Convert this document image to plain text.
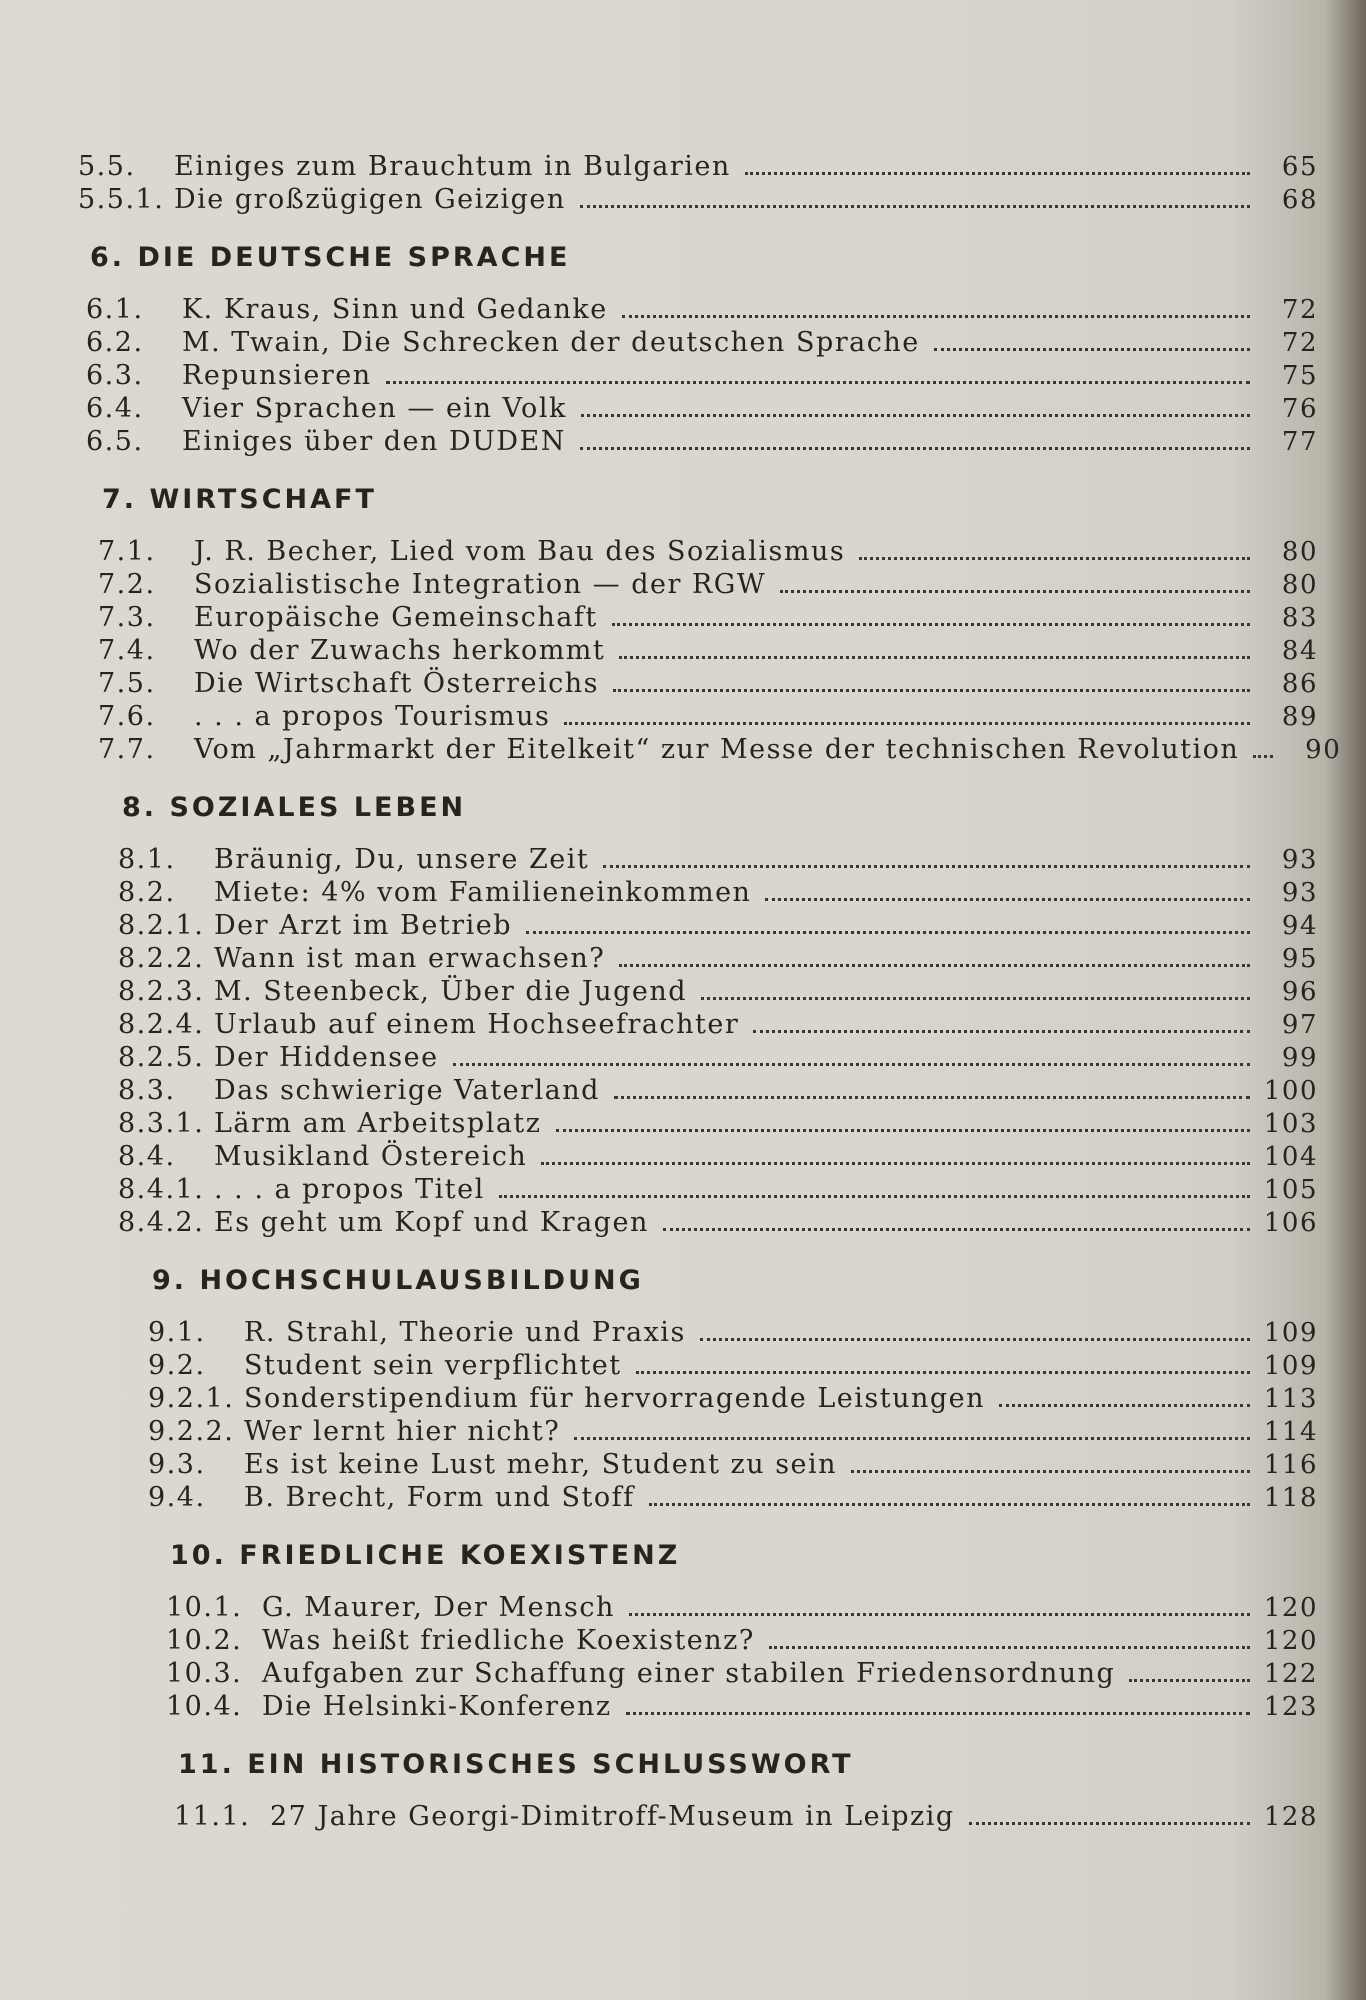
5.5.	Einiges zum Brauchtum in Bulgarien	65
5.5.1. Die großzügigen Geizigen	68
6. DIE DEUTSCHE SPRACHE
6.1.	K. Kraus, Sinn und Gedanke	72
6.2.	M. Twain, Die Schrecken der deutschen Sprache	72
6.3.	Repunsieren	75
6.4.	Vier Sprachen — ein Volk	76
6.5.	Einiges über den DUDEN	77
7. WIRTSCHAFT
7.1.	J. R. Becher, Lied vom Bau des Sozialismus	80
7.2.	Sozialistische Integration — der RGW	80
7.3.	Europäische Gemeinschaft	83
7.4.	Wo der Zuwachs herkommt	84
7.5.	Die Wirtschaft Österreichs	86
7.6.	. . . a propos Tourismus	89
7.7.	Vom „Jahrmarkt der Eitelkeit“ zur Messe der technischen Revolution	90
8. SOZIALES LEBEN
8.1.	Bräunig, Du, unsere Zeit	93
8.2.	Miete: 4% vom Familieneinkommen	93
8.2.1. Der Arzt im Betrieb	94
8.2.2. Wann ist man erwachsen?	95
8.2.3. M. Steenbeck, Über die Jugend	96
8.2.4. Urlaub auf einem Hochseefrachter	97
8.2.5. Der Hiddensee	99
8.3.	Das schwierige Vaterland	100
8.3.1. Lärm am Arbeitsplatz	103
8.4.	Musikland Östereich	104
8.4.1. . . . a propos Titel	105
8.4.2. Es geht um Kopf und Kragen	106
9. HOCHSCHULAUSBILDUNG
9.1.	R. Strahl, Theorie und Praxis	109
9.2.	Student sein verpflichtet	109
9.2.1. Sonderstipendium für hervorragende Leistungen	113
9.2.2. Wer lernt hier nicht?	114
9.3.	Es ist keine Lust mehr, Student zu sein	116
9.4.	B. Brecht, Form und Stoff	118
10. FRIEDLICHE KOEXISTENZ
10.1. G. Maurer, Der Mensch	120
10.2. Was heißt friedliche Koexistenz?	120
10.3. Aufgaben zur Schaffung einer stabilen Friedensordnung	122
10.4. Die Helsinki-Konferenz	123
11. EIN HISTORISCHES SCHLUSSWORT
11.1. 27 Jahre Georgi-Dimitroff-Museum in Leipzig	128
